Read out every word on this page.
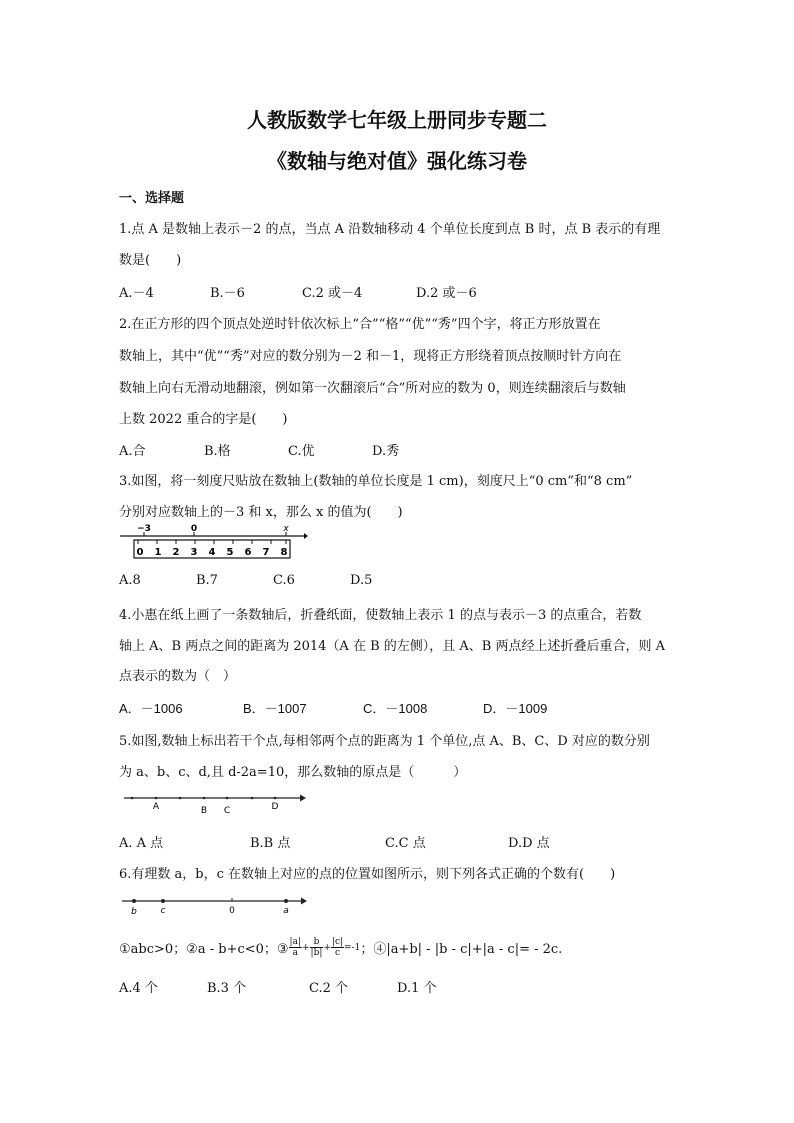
人教版数学七年级上册同步专题二
《数轴与绝对值》强化练习卷
一、选择题
1.点 A 是数轴上表示－2 的点，当点 A 沿数轴移动 4 个单位长度到点 B 时，点 B 表示的有理
数是(　　)
A.－4	B.－6	C.2 或－4	D.2 或－6
2.在正方形的四个顶点处逆时针依次标上“合”“格”“优”“秀”四个字，将正方形放置在
数轴上，其中“优”“秀”对应的数分别为－2 和－1，现将正方形绕着顶点按顺时针方向在
数轴上向右无滑动地翻滚，例如第一次翻滚后“合”所对应的数为 0，则连续翻滚后与数轴
上数 2022 重合的字是(　　)
A.合	B.格	C.优	D.秀
3.如图，将一刻度尺贴放在数轴上(数轴的单位长度是 1 cm)，刻度尺上“0 cm”和“8 cm”
分别对应数轴上的－3 和 x，那么 x 的值为(　　)
−3	0	x
0 1 2 3 4 5 6 7 8
A.8	B.7	C.6	D.5
4.小惠在纸上画了一条数轴后，折叠纸面，使数轴上表示 1 的点与表示－3 的点重合，若数
轴上 A、B 两点之间的距离为 2014（A 在 B 的左侧），且 A、B 两点经上述折叠后重合，则 A
点表示的数为（　）
A．－1006	B．－1007	C．－1008	D．－1009
5.如图,数轴上标出若干个点,每相邻两个点的距离为 1 个单位,点 A、B、C、D 对应的数分别
为 a、b、c、d,且 d-2a=10，那么数轴的原点是（　　　）
A	B C	D
A. A 点	B.B 点	C.C 点	D.D 点
6.有理数 a，b，c 在数轴上对应的点的位置如图所示，则下列各式正确的个数有(　　)
b	c	0	a
①abc>0；②a - b+c<0；③ $\frac{|a|}{a} + \frac{b}{|b|} + \frac{|c|}{c} =-1$ ；④|a+b| - |b - c|+|a - c|= - 2c.
A.4 个	B.3 个	C.2 个	D.1 个
